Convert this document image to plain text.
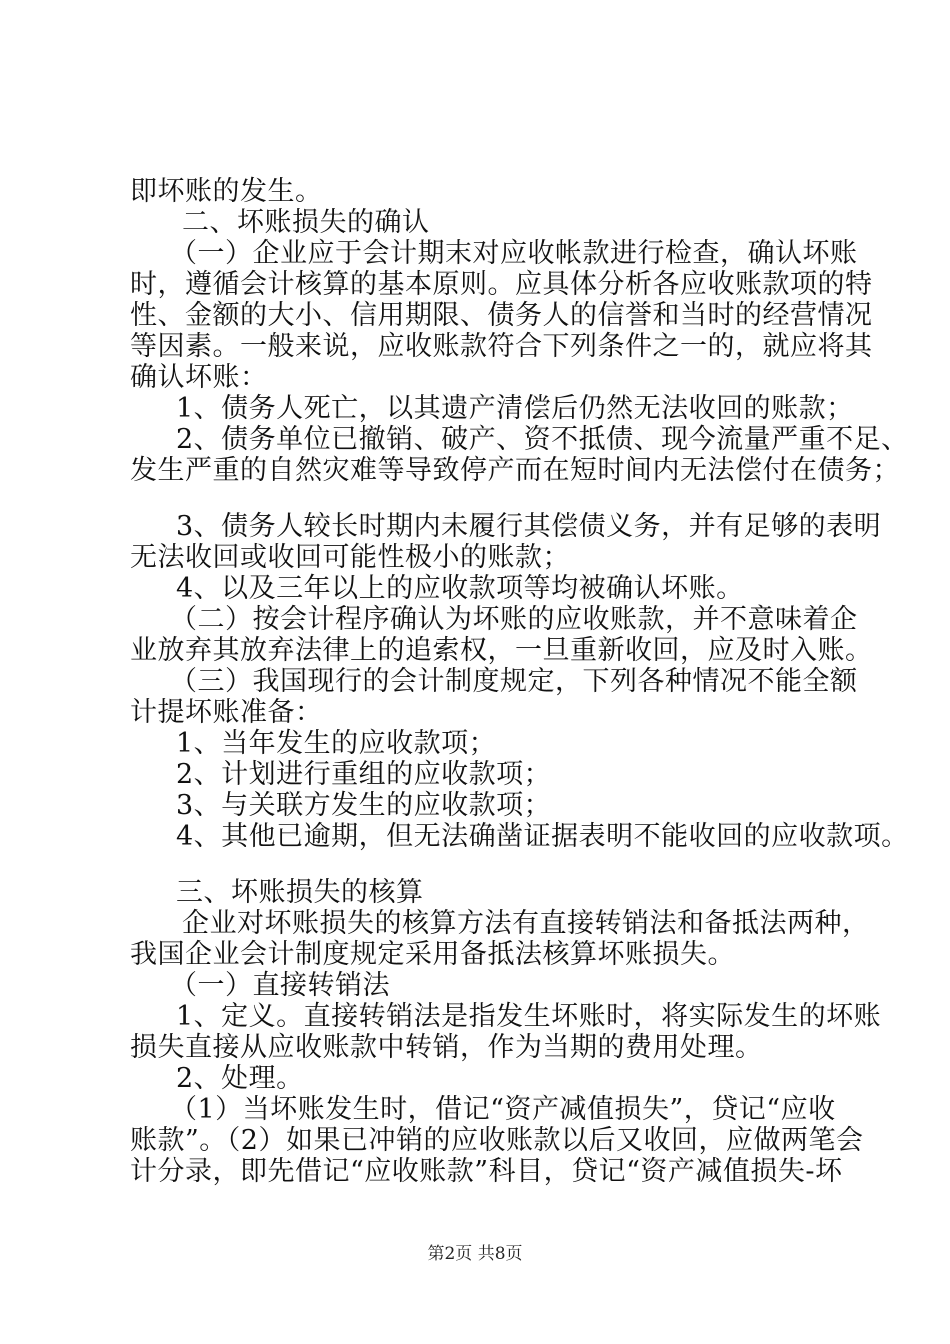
即坏账的发生。
二、坏账损失的确认
（一）企业应于会计期末对应收帐款进行检查，确认坏账
时，遵循会计核算的基本原则。应具体分析各应收账款项的特
性、金额的大小、信用期限、债务人的信誉和当时的经营情况
等因素。一般来说，应收账款符合下列条件之一的，就应将其
确认坏账：
1、债务人死亡，以其遗产清偿后仍然无法收回的账款；
2、债务单位已撤销、破产、资不抵债、现今流量严重不足、
发生严重的自然灾难等导致停产而在短时间内无法偿付在债务；
3、债务人较长时期内未履行其偿债义务，并有足够的表明
无法收回或收回可能性极小的账款；
4、以及三年以上的应收款项等均被确认坏账。
（二）按会计程序确认为坏账的应收账款，并不意味着企
业放弃其放弃法律上的追索权，一旦重新收回，应及时入账。
（三）我国现行的会计制度规定，下列各种情况不能全额
计提坏账准备：
1、当年发生的应收款项；
2、计划进行重组的应收款项；
3、与关联方发生的应收款项；
4、其他已逾期，但无法确凿证据表明不能收回的应收款项。
三、坏账损失的核算
企业对坏账损失的核算方法有直接转销法和备抵法两种，
我国企业会计制度规定采用备抵法核算坏账损失。
（一）直接转销法
1、定义。直接转销法是指发生坏账时，将实际发生的坏账
损失直接从应收账款中转销，作为当期的费用处理。
2、处理。
（1）当坏账发生时，借记“资产减值损失”，贷记“应收
账款”。（2）如果已冲销的应收账款以后又收回，应做两笔会
计分录，即先借记“应收账款”科目，贷记“资产减值损失-坏
第2页 共8页
